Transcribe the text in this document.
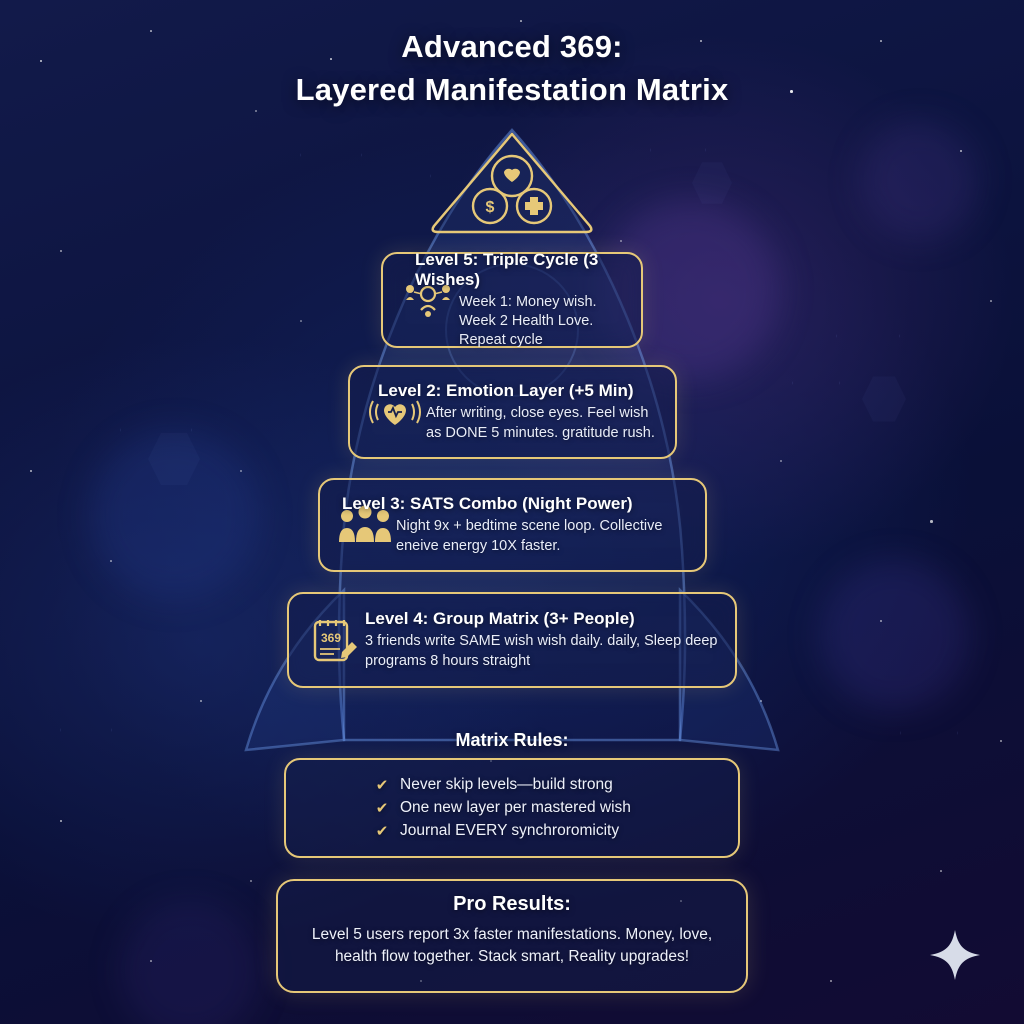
Advanced 369:
Layered Manifestation Matrix
$
Level 5: Triple Cycle (3 Wishes)
Week 1: Money wish. Week 2 Health Love. Repeat cycle
Level 2: Emotion Layer (+5 Min)
After writing, close eyes. Feel wish as DONE 5 minutes. gratitude rush.
Level 3: SATS Combo (Night Power)
Night 9x + bedtime scene loop. Collective eneive energy 10X faster.
369
Level 4: Group Matrix (3+ People)
3 friends write SAME wish wish daily. daily, Sleep deep programs 8 hours straight
Matrix Rules:
✔ Never skip levels—build strong
✔ One new layer per mastered wish
✔ Journal EVERY synchroromicity
Pro Results:
Level 5 users report 3x faster manifestations. Money, love, health flow together. Stack smart, Reality upgrades!
